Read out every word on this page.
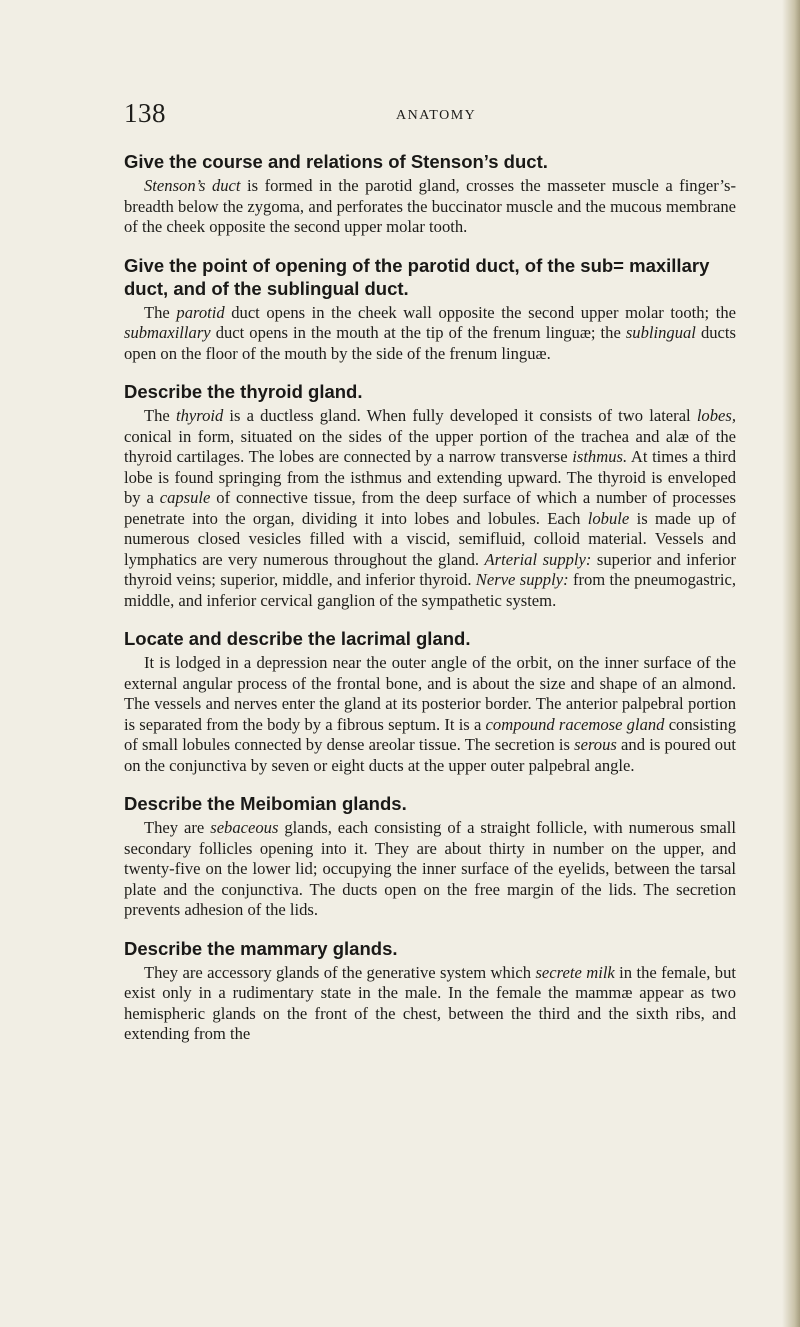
138	ANATOMY
Give the course and relations of Stenson’s duct.

Stenson’s duct is formed in the parotid gland, crosses the masseter muscle a finger’s-breadth below the zygoma, and perforates the buccinator muscle and the mucous membrane of the cheek opposite the second upper molar tooth.

Give the point of opening of the parotid duct, of the sub= maxillary duct, and of the sublingual duct.

The parotid duct opens in the cheek wall opposite the second upper molar tooth; the submaxillary duct opens in the mouth at the tip of the frenum linguæ; the sublingual ducts open on the floor of the mouth by the side of the frenum linguæ.

Describe the thyroid gland.

The thyroid is a ductless gland. When fully developed it consists of two lateral lobes, conical in form, situated on the sides of the upper portion of the trachea and alæ of the thyroid cartilages. The lobes are connected by a narrow transverse isthmus. At times a third lobe is found springing from the isthmus and extending upward. The thyroid is enveloped by a capsule of connective tissue, from the deep surface of which a number of processes penetrate into the organ, dividing it into lobes and lobules. Each lobule is made up of numerous closed vesicles filled with a viscid, semifluid, colloid material. Vessels and lymphatics are very numerous throughout the gland. Arterial supply: superior and inferior thyroid veins; superior, middle, and inferior thyroid. Nerve supply: from the pneumogastric, middle, and inferior cervical ganglion of the sympathetic system.

Locate and describe the lacrimal gland.

It is lodged in a depression near the outer angle of the orbit, on the inner surface of the external angular process of the frontal bone, and is about the size and shape of an almond. The vessels and nerves enter the gland at its posterior border. The anterior palpebral portion is separated from the body by a fibrous septum. It is a compound racemose gland consisting of small lobules connected by dense areolar tissue. The secretion is serous and is poured out on the conjunctiva by seven or eight ducts at the upper outer palpebral angle.

Describe the Meibomian glands.

They are sebaceous glands, each consisting of a straight follicle, with numerous small secondary follicles opening into it. They are about thirty in number on the upper, and twenty-five on the lower lid; occupying the inner surface of the eyelids, between the tarsal plate and the conjunctiva. The ducts open on the free margin of the lids. The secretion prevents adhesion of the lids.

Describe the mammary glands.

They are accessory glands of the generative system which secrete milk in the female, but exist only in a rudimentary state in the male. In the female the mammæ appear as two hemispheric glands on the front of the chest, between the third and the sixth ribs, and extending from the
